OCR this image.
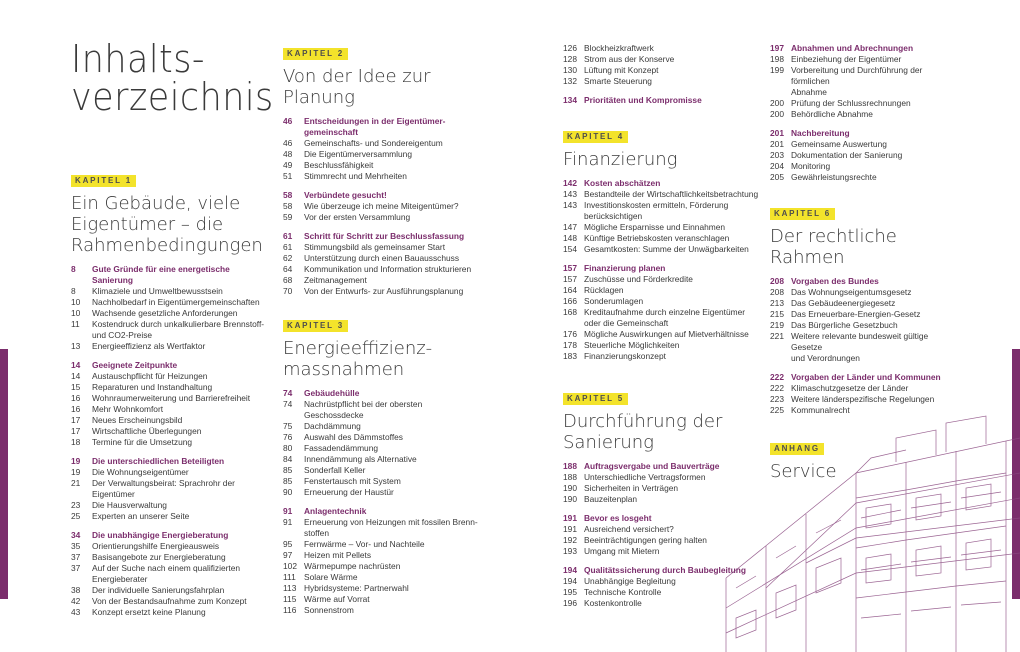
Inhalts-
verzeichnis
KAPITEL 1
Ein Gebäude, viele
Eigentümer – die
Rahmenbedingungen
8	Gute Gründe für eine energetische Sanierung
8	Klimaziele und Umweltbewusstsein
10	Nachholbedarf in Eigentümergemeinschaften
10	Wachsende gesetzliche Anforderungen
11	Kostendruck durch unkalkulierbare Brennstoff-
und CO2-Preise
13	Energieeffizienz als Wertfaktor
14	Geeignete Zeitpunkte
14	Austauschpflicht für Heizungen
15	Reparaturen und Instandhaltung
16	Wohnraumerweiterung und Barrierefreiheit
16	Mehr Wohnkomfort
17	Neues Erscheinungsbild
17	Wirtschaftliche Überlegungen
18	Termine für die Umsetzung
19	Die unterschiedlichen Beteiligten
19	Die Wohnungseigentümer
21	Der Verwaltungsbeirat: Sprachrohr der
Eigentümer
23	Die Hausverwaltung
25	Experten an unserer Seite
34	Die unabhängige Energieberatung
35	Orientierungshilfe Energieausweis
37	Basisangebote zur Energieberatung
37	Auf der Suche nach einem qualifizierten
Energieberater
38	Der individuelle Sanierungsfahrplan
42	Von der Bestandsaufnahme zum Konzept
43	Konzept ersetzt keine Planung
KAPITEL 2
Von der Idee zur
Planung
46	Entscheidungen in der Eigentümer-
gemeinschaft
46	Gemeinschafts- und Sondereigentum
48	Die Eigentümerversammlung
49	Beschlussfähigkeit
51	Stimmrecht und Mehrheiten
58	Verbündete gesucht!
58	Wie überzeuge ich meine Miteigentümer?
59	Vor der ersten Versammlung
61	Schritt für Schritt zur Beschlussfassung
61	Stimmungsbild als gemeinsamer Start
62	Unterstützung durch einen Bauausschuss
64	Kommunikation und Information strukturieren
68	Zeitmanagement
70	Von der Entwurfs- zur Ausführungsplanung
KAPITEL 3
Energieeffizienz-
massnahmen
74	Gebäudehülle
74	Nachrüstpflicht bei der obersten Geschossdecke
75	Dachdämmung
76	Auswahl des Dämmstoffes
80	Fassadendämmung
84	Innendämmung als Alternative
85	Sonderfall Keller
85	Fenstertausch mit System
90	Erneuerung der Haustür
91	Anlagentechnik
91	Erneuerung von Heizungen mit fossilen Brenn-
stoffen
95	Fernwärme – Vor- und Nachteile
97	Heizen mit Pellets
102 Wärmepumpe nachrüsten
111 Solare Wärme
113 Hybridsysteme: Partnerwahl
115 Wärme auf Vorrat
116 Sonnenstrom
126 Blockheizkraftwerk
128 Strom aus der Konserve
130 Lüftung mit Konzept
132 Smarte Steuerung
134 Prioritäten und Kompromisse
KAPITEL 4
Finanzierung
142 Kosten abschätzen
143 Bestandteile der Wirtschaftlichkeitsbetrachtung
143 Investitionskosten ermitteln, Förderung
berücksichtigen
147 Mögliche Ersparnisse und Einnahmen
148 Künftige Betriebskosten veranschlagen
154 Gesamtkosten: Summe der Unwägbarkeiten
157 Finanzierung planen
157 Zuschüsse und Förderkredite
164 Rücklagen
166 Sonderumlagen
168 Kreditaufnahme durch einzelne Eigentümer
oder die Gemeinschaft
176 Mögliche Auswirkungen auf Mietverhältnisse
178 Steuerliche Möglichkeiten
183 Finanzierungskonzept
KAPITEL 5
Durchführung der
Sanierung
188 Auftragsvergabe und Bauverträge
188 Unterschiedliche Vertragsformen
190 Sicherheiten in Verträgen
190 Bauzeitenplan
191 Bevor es losgeht
191 Ausreichend versichert?
192 Beeinträchtigungen gering halten
193 Umgang mit Mietern
194 Qualitätssicherung durch Baubegleitung
194 Unabhängige Begleitung
195 Technische Kontrolle
196 Kostenkontrolle
197 Abnahmen und Abrechnungen
198 Einbeziehung der Eigentümer
199 Vorbereitung und Durchführung der förmlichen
Abnahme
200 Prüfung der Schlussrechnungen
200 Behördliche Abnahme
201 Nachbereitung
201 Gemeinsame Auswertung
203 Dokumentation der Sanierung
204 Monitoring
205 Gewährleistungsrechte
KAPITEL 6
Der rechtliche Rahmen
208 Vorgaben des Bundes
208 Das Wohnungseigentumsgesetz
213 Das Gebäudeenergiegesetz
215 Das Erneuerbare-Energien-Gesetz
219 Das Bürgerliche Gesetzbuch
221 Weitere relevante bundesweit gültige Gesetze
und Verordnungen
222 Vorgaben der Länder und Kommunen
222 Klimaschutzgesetze der Länder
223 Weitere länderspezifische Regelungen
225 Kommunalrecht
ANHANG
Service
